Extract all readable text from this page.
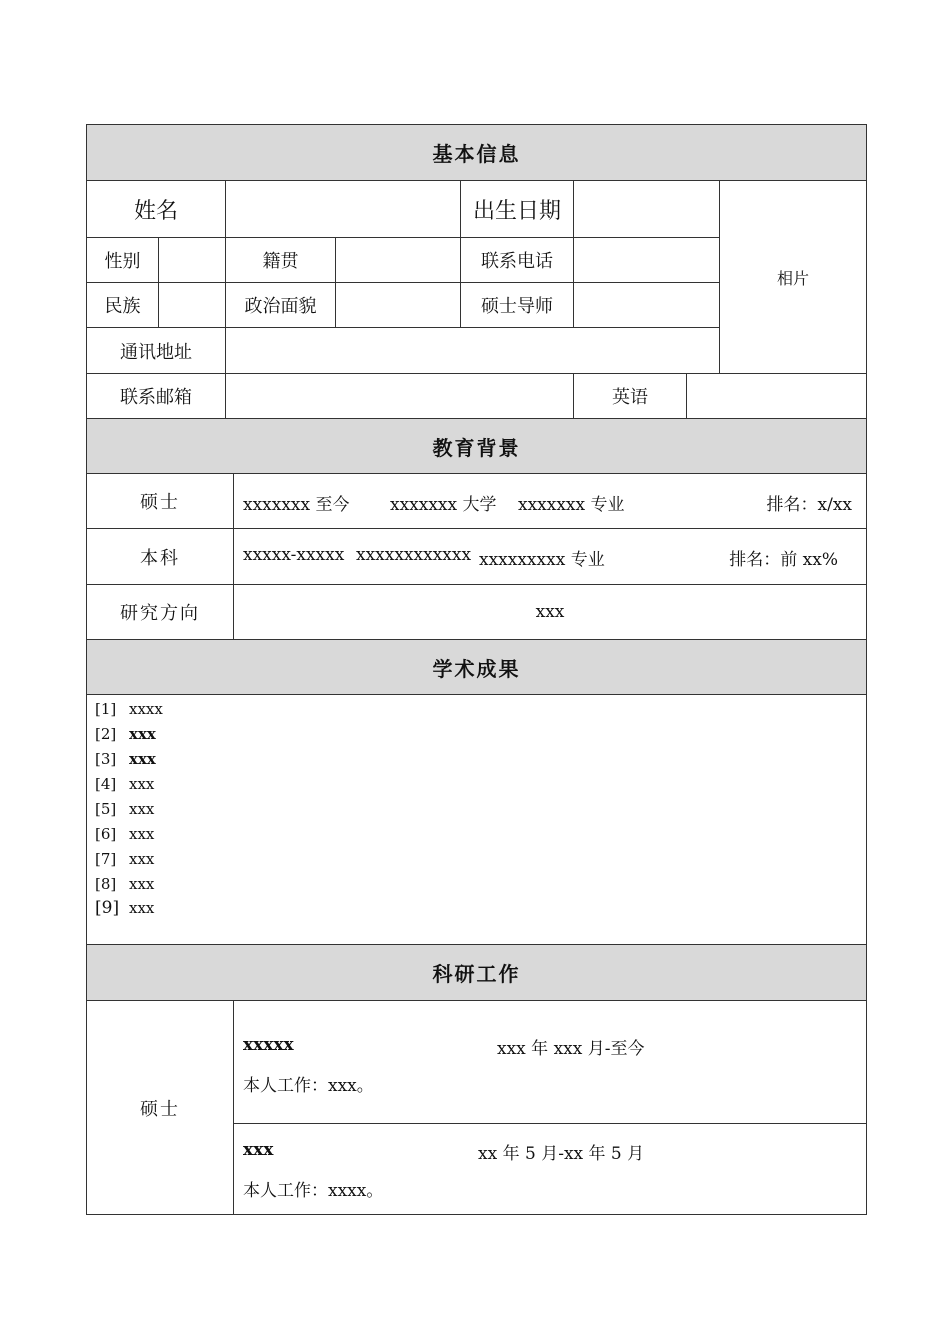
基本信息
姓名	出生日期
相片
性别	籍贯	联系电话
民族	政治面貌	硕士导师
通讯地址
联系邮箱	英语
教育背景
硕士	xxxxxxx 至今 xxxxxxx 大学 xxxxxxx 专业	排名：x/xx
本科	xxxxx-xxxxx xxxxxxxxxxxx xxxxxxxxx 专业	排名：前 xx%
研究方向	xxx
学术成果
[1] xxxx
[2] xxx
[3] xxx
[4] xxx
[5] xxx
[6] xxx
[7] xxx
[8] xxx
[9] xxx
科研工作
硕士
xxxxx	xxx 年 xxx 月-至今
本人工作：xxx。
xxx	xx 年 5 月-xx 年 5 月
本人工作：xxxx。
